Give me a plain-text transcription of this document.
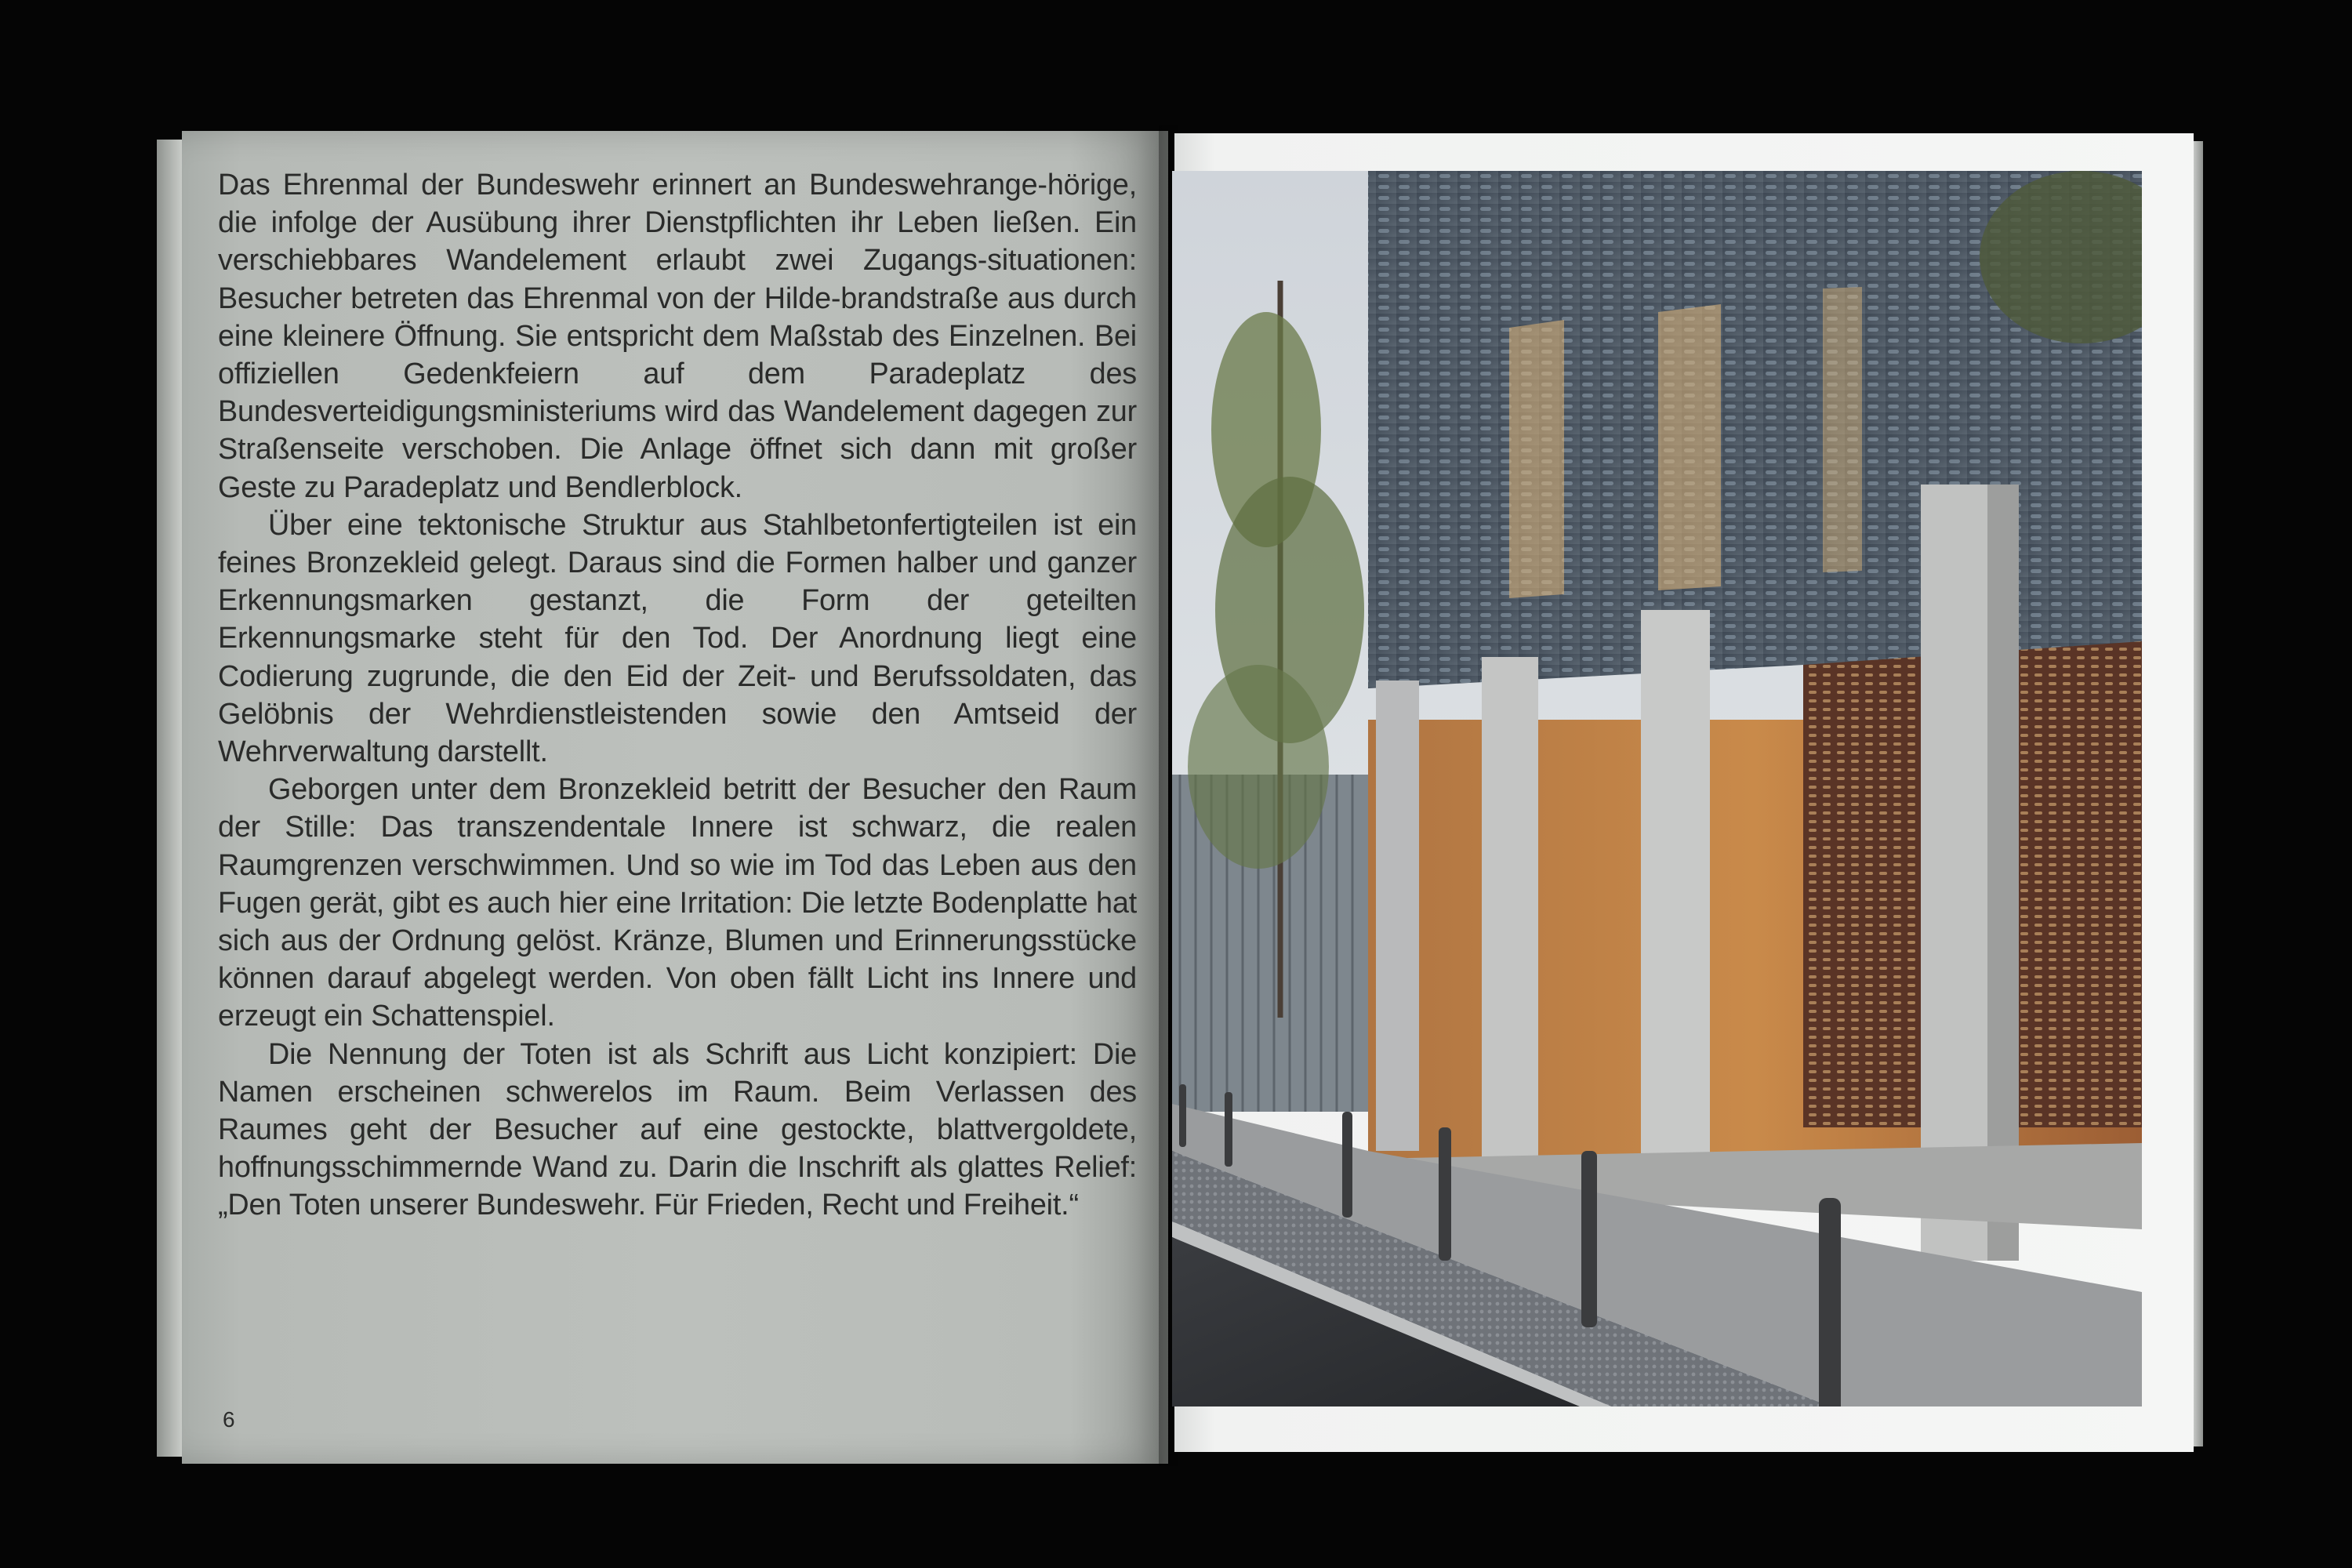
Das Ehrenmal der Bundeswehr erinnert an Bundeswehrange-hörige, die infolge der Ausübung ihrer Dienstpflichten ihr Leben ließen. Ein verschiebbares Wandelement erlaubt zwei Zugangs-situationen: Besucher betreten das Ehrenmal von der Hilde-brandstraße aus durch eine kleinere Öffnung. Sie entspricht dem Maßstab des Einzelnen. Bei offiziellen Gedenkfeiern auf dem Paradeplatz des Bundesverteidigungsministeriums wird das Wandelement dagegen zur Straßenseite verschoben. Die Anlage öffnet sich dann mit großer Geste zu Paradeplatz und Bendlerblock.

Über eine tektonische Struktur aus Stahlbetonfertigteilen ist ein feines Bronzekleid gelegt. Daraus sind die Formen halber und ganzer Erkennungsmarken gestanzt, die Form der geteilten Erkennungsmarke steht für den Tod. Der Anordnung liegt eine Codierung zugrunde, die den Eid der Zeit- und Berufssoldaten, das Gelöbnis der Wehrdienstleistenden sowie den Amtseid der Wehrverwaltung darstellt.

Geborgen unter dem Bronzekleid betritt der Besucher den Raum der Stille: Das transzendentale Innere ist schwarz, die realen Raumgrenzen verschwimmen. Und so wie im Tod das Leben aus den Fugen gerät, gibt es auch hier eine Irritation: Die letzte Bodenplatte hat sich aus der Ordnung gelöst. Kränze, Blumen und Erinnerungsstücke können darauf abgelegt werden. Von oben fällt Licht ins Innere und erzeugt ein Schattenspiel.

Die Nennung der Toten ist als Schrift aus Licht konzipiert: Die Namen erscheinen schwerelos im Raum. Beim Verlassen des Raumes geht der Besucher auf eine gestockte, blattvergoldete, hoffnungsschimmernde Wand zu. Darin die Inschrift als glattes Relief: „Den Toten unserer Bundeswehr. Für Frieden, Recht und Freiheit.“

6
